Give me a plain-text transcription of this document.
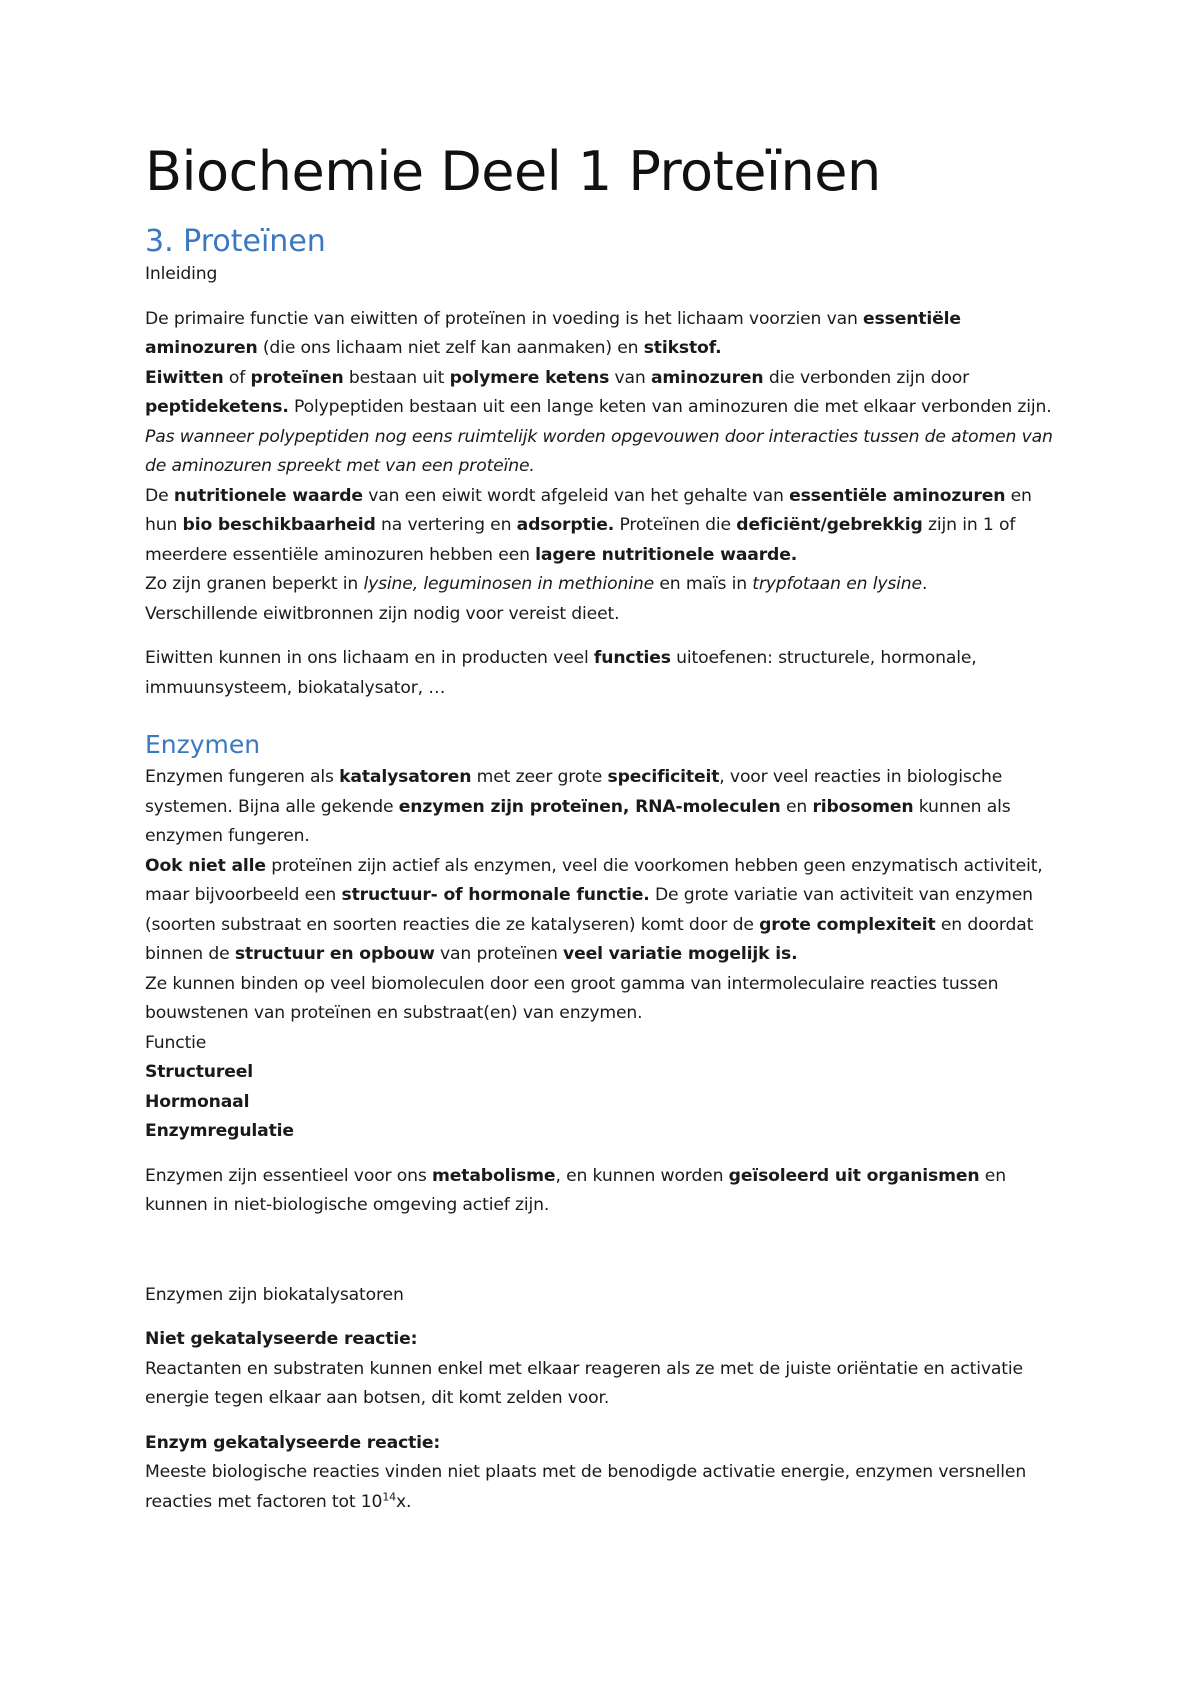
Biochemie Deel 1 Proteïnen
3. Proteïnen

Inleiding

De primaire functie van eiwitten of proteïnen in voeding is het lichaam voorzien van essentiële aminozuren (die ons lichaam niet zelf kan aanmaken) en stikstof.

Eiwitten of proteïnen bestaan uit polymere ketens van aminozuren die verbonden zijn door peptideketens. Polypeptiden bestaan uit een lange keten van aminozuren die met elkaar verbonden zijn.

Pas wanneer polypeptiden nog eens ruimtelijk worden opgevouwen door interacties tussen de atomen van de aminozuren spreekt met van een proteïne.

De nutritionele waarde van een eiwit wordt afgeleid van het gehalte van essentiële aminozuren en hun bio beschikbaarheid na vertering en adsorptie. Proteïnen die deficiënt/gebrekkig zijn in 1 of meerdere essentiële aminozuren hebben een lagere nutritionele waarde.

Zo zijn granen beperkt in lysine, leguminosen in methionine en maïs in trypfotaan en lysine.

Verschillende eiwitbronnen zijn nodig voor vereist dieet.

Eiwitten kunnen in ons lichaam en in producten veel functies uitoefenen: structurele, hormonale, immuunsysteem, biokatalysator, …

Enzymen

Enzymen fungeren als katalysatoren met zeer grote specificiteit, voor veel reacties in biologische systemen. Bijna alle gekende enzymen zijn proteïnen, RNA-moleculen en ribosomen kunnen als enzymen fungeren.

Ook niet alle proteïnen zijn actief als enzymen, veel die voorkomen hebben geen enzymatisch activiteit, maar bijvoorbeeld een structuur- of hormonale functie. De grote variatie van activiteit van enzymen (soorten substraat en soorten reacties die ze katalyseren) komt door de grote complexiteit en doordat binnen de structuur en opbouw van proteïnen veel variatie mogelijk is.

Ze kunnen binden op veel biomoleculen door een groot gamma van intermoleculaire reacties tussen bouwstenen van proteïnen en substraat(en) van enzymen.

Functie

Structureel

Hormonaal

Enzymregulatie

Enzymen zijn essentieel voor ons metabolisme, en kunnen worden geïsoleerd uit organismen en kunnen in niet-biologische omgeving actief zijn.

Enzymen zijn biokatalysatoren

Niet gekatalyseerde reactie:

Reactanten en substraten kunnen enkel met elkaar reageren als ze met de juiste oriëntatie en activatie energie tegen elkaar aan botsen, dit komt zelden voor.

Enzym gekatalyseerde reactie:

Meeste biologische reacties vinden niet plaats met de benodigde activatie energie, enzymen versnellen reacties met factoren tot $10^{14}x$.
